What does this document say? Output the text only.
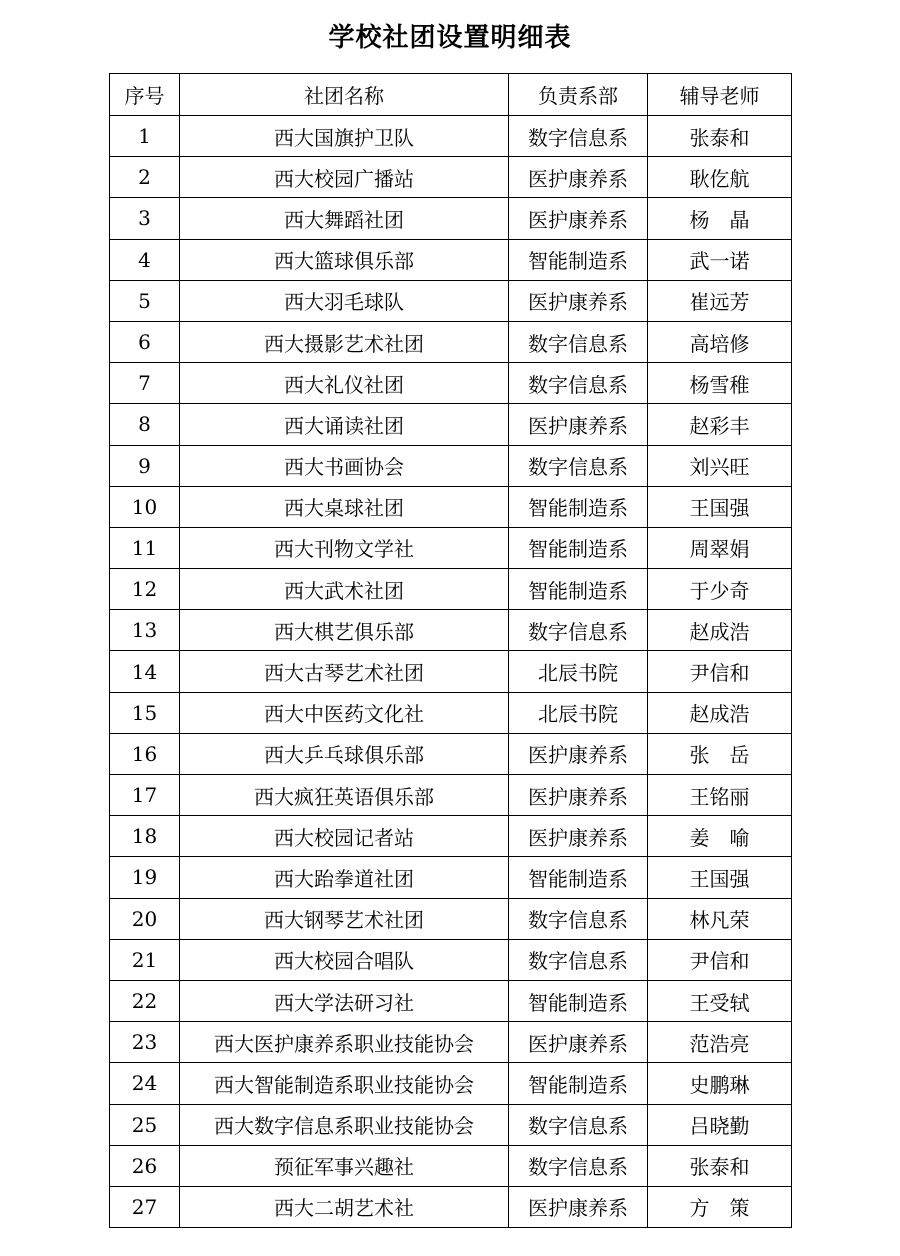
学校社团设置明细表
序号	社团名称	负责系部	辅导老师
1	西大国旗护卫队	数字信息系	张泰和
2	西大校园广播站	医护康养系	耿仡航
3	西大舞蹈社团	医护康养系	杨　晶
4	西大篮球俱乐部	智能制造系	武一诺
5	西大羽毛球队	医护康养系	崔远芳
6	西大摄影艺术社团	数字信息系	高培修
7	西大礼仪社团	数字信息系	杨雪稚
8	西大诵读社团	医护康养系	赵彩丰
9	西大书画协会	数字信息系	刘兴旺
10	西大桌球社团	智能制造系	王国强
11	西大刊物文学社	智能制造系	周翠娟
12	西大武术社团	智能制造系	于少奇
13	西大棋艺俱乐部	数字信息系	赵成浩
14	西大古琴艺术社团	北辰书院	尹信和
15	西大中医药文化社	北辰书院	赵成浩
16	西大乒乓球俱乐部	医护康养系	张　岳
17	西大疯狂英语俱乐部	医护康养系	王铭丽
18	西大校园记者站	医护康养系	姜　喻
19	西大跆拳道社团	智能制造系	王国强
20	西大钢琴艺术社团	数字信息系	林凡荣
21	西大校园合唱队	数字信息系	尹信和
22	西大学法研习社	智能制造系	王受轼
23	西大医护康养系职业技能协会	医护康养系	范浩亮
24	西大智能制造系职业技能协会	智能制造系	史鹏琳
25	西大数字信息系职业技能协会	数字信息系	吕晓勤
26	预征军事兴趣社	数字信息系	张泰和
27	西大二胡艺术社	医护康养系	方　策
